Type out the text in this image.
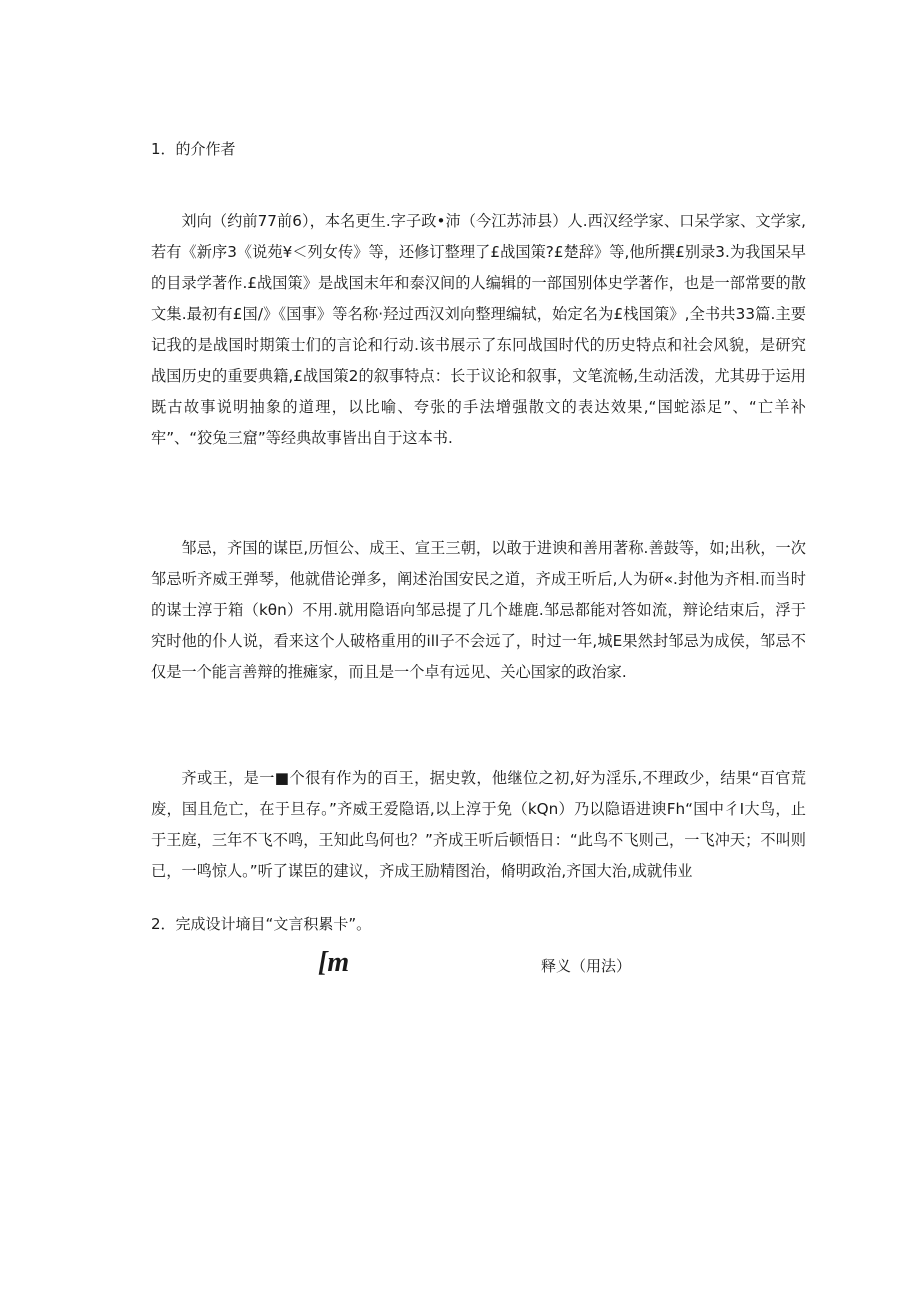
1．的介作者

刘向（约前77前6），本名更生.字子政•沛（今江苏沛县）人.西汉经学家、口呆学家、文学家,若有《新序3《说苑¥＜列女传》等，还修订整理了£战国策?£楚辞》等,他所撰£别录3.为我国呆早的目录学著作.£战国策》是战国末年和泰汉间的人编辑的一部国别体史学著作，也是一部常要的散文集.最初有£国/》《国事》等名称·羟过西汉刘向整理编轼，始定名为£栈国策》,全书共33篇.主要记我的是战国时期策士们的言论和行动.该书展示了东冋战国时代的历史特点和社会风貌，是研究战国历史的重要典籍,£战国策2的叙事特点：长于议论和叙事，文笔流畅,生动活泼，尤其毋于运用既古故事说明抽象的道理，以比喻、夸张的手法增强散文的表达效果,“国蛇添足”、“亡羊补牢”、“狡兔三窟”等经典故事皆出自于这本书.

邹忌，齐国的谋臣,历恒公、成王、宣王三朝，以敢于进谀和善用著称.善鼓等，如;出秋，一次邹忌听齐威王弹琴，他就借论弹多，阐述治国安民之道，齐成王听后,人为研«.封他为齐相.而当时的谋士淳于箱（kθn）不用.就用隐语向邹忌提了几个雄鹿.邹忌都能对答如流，辩论结束后，浮于究时他的仆人说，看来这个人破格重用的ill子不会远了，时过一年,城E果然封邹忌为成侯，邹忌不仅是一个能言善辩的推瘫家，而且是一个卓有远见、关心国家的政治家.

齐或王，是一■个很有作为的百王，据史敦，他继位之初,好为淫乐,不理政少，结果“百官荒废，国且危亡，在于旦存。”齐威王爱隐语,以上淳于免（kQn）乃以隐语进谀Fh“国中彳I大鸟，止于王庭，三年不飞不鸣，王知此鸟何也？”齐成王听后顿悟日：“此鸟不飞则己，一飞冲天；不叫则已，一鸣惊人。”听了谋臣的建议，齐成王励精图治，脩明政治,齐国大治,成就伟业

2．完成设计墒目“文言积累卡”。
[m	释义（用法）
